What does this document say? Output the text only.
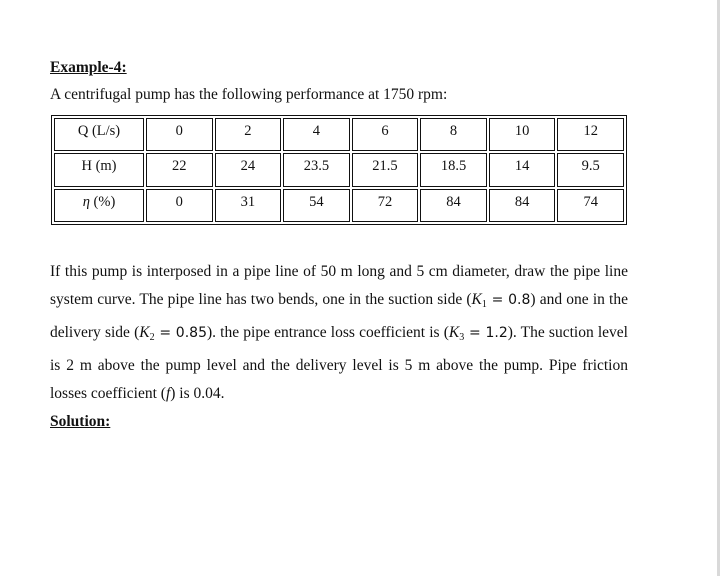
Example-4:
A centrifugal pump has the following performance at 1750 rpm:
Q (L/s)	0	2	4	6	8	10	12
H (m)	22	24	23.5	21.5	18.5	14	9.5
η (%)	0	31	54	72	84	84	74
If this pump is interposed in a pipe line of 50 m long and 5 cm diameter, draw the pipe line system curve. The pipe line has two bends, one in the suction side $(K_1 = 0.8)$ and one in the delivery side $(K_2 = 0.85)$. the pipe entrance loss coefficient is $(K_3 = 1.2)$. The suction level is 2 m above the pump level and the delivery level is 5 m above the pump. Pipe friction losses coefficient (f) is 0.04.
Solution:
